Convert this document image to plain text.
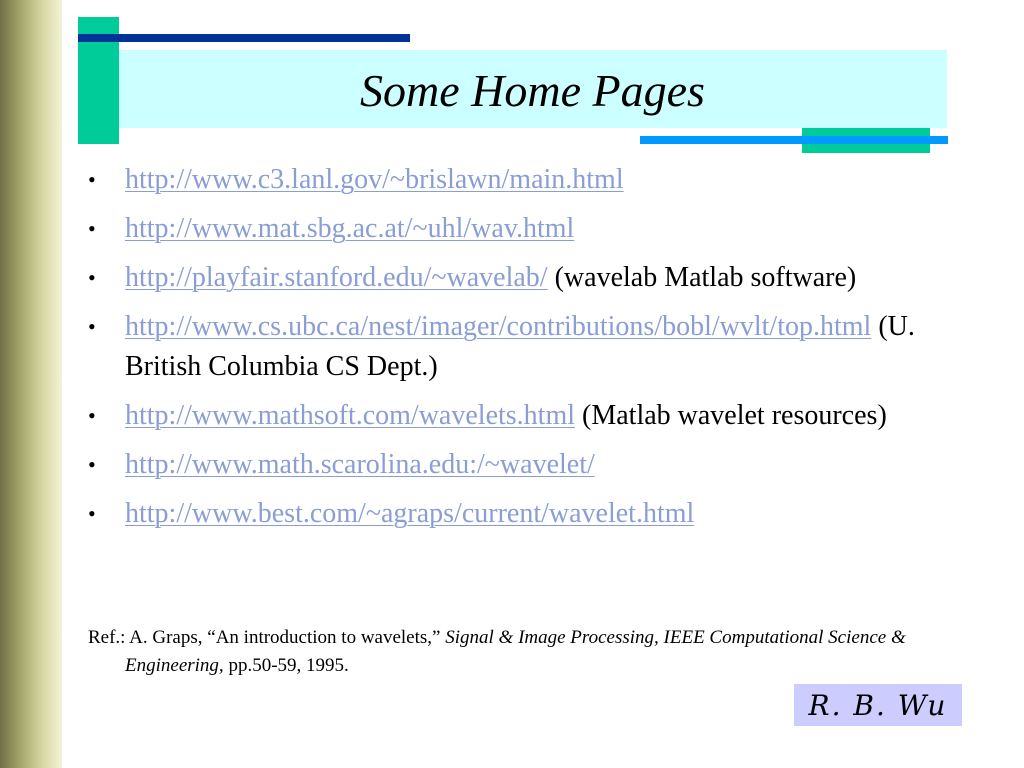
Some Home Pages
• http://www.c3.lanl.gov/~brislawn/main.html
• http://www.mat.sbg.ac.at/~uhl/wav.html
• http://playfair.stanford.edu/~wavelab/ (wavelab Matlab software)
• http://www.cs.ubc.ca/nest/imager/contributions/bobl/wvlt/top.html (U. British Columbia CS Dept.)
• http://www.mathsoft.com/wavelets.html (Matlab wavelet resources)
• http://www.math.scarolina.edu:/~wavelet/
• http://www.best.com/~agraps/current/wavelet.html

Ref.: A. Graps, “An introduction to wavelets,” Signal & Image Processing, IEEE Computational Science & Engineering, pp.50-59, 1995.

R. B. Wu
